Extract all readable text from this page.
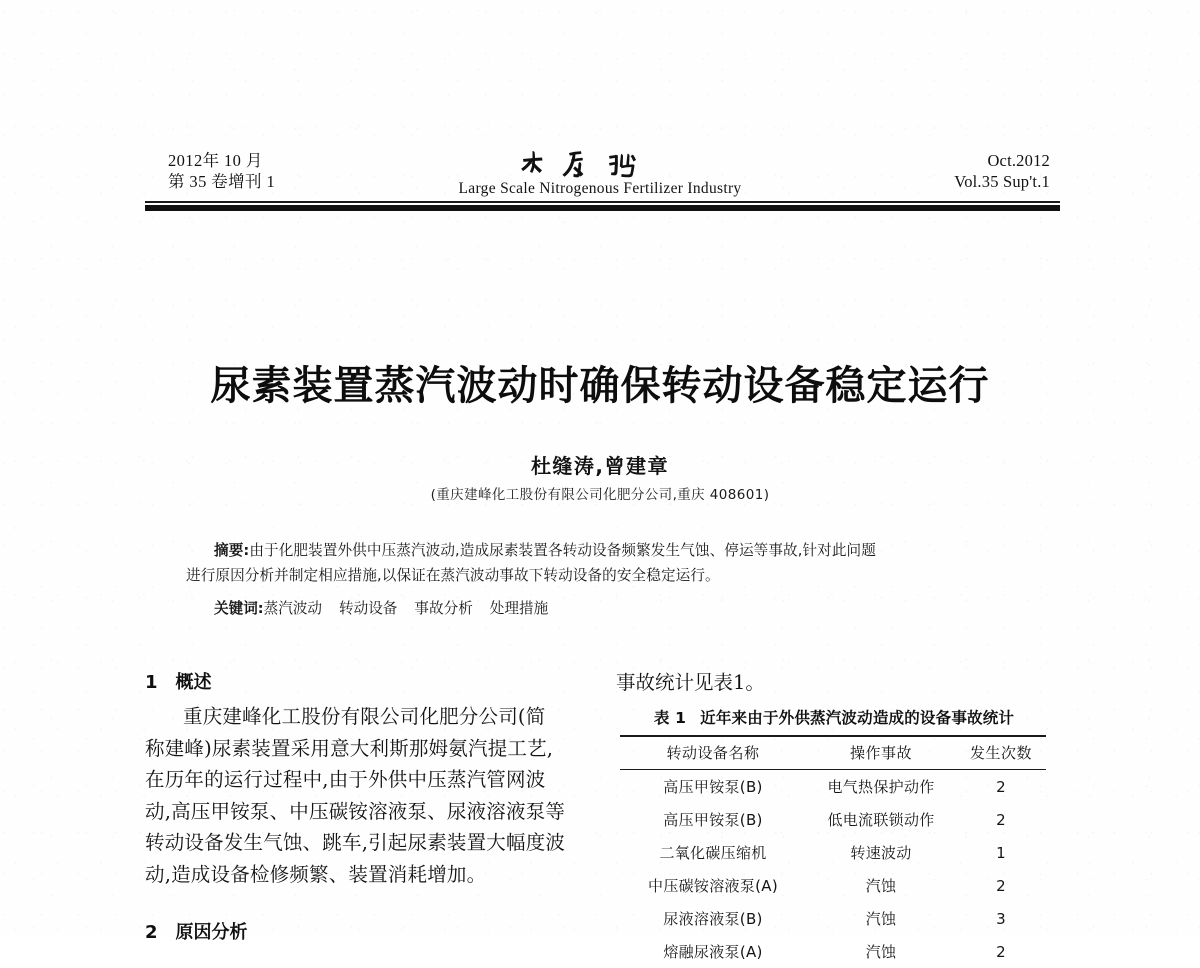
2012年 10 月
第 35 卷增刊 1	Large Scale Nitrogenous Fertilizer Industry
Oct.2012
Vol.35 Sup't.1
尿素装置蒸汽波动时确保转动设备稳定运行
杜缝涛,曾建章
(重庆建峰化工股份有限公司化肥分公司,重庆 408601)
摘要:由于化肥装置外供中压蒸汽波动,造成尿素装置各转动设备频繁发生气蚀、停运等事故,针对此问题
进行原因分析并制定相应措施,以保证在蒸汽波动事故下转动设备的安全稳定运行。
关键词:蒸汽波动 转动设备 事故分析 处理措施
1 概述
重庆建峰化工股份有限公司化肥分公司(简
称建峰)尿素装置采用意大利斯那姆氨汽提工艺,
在历年的运行过程中,由于外供中压蒸汽管网波
动,高压甲铵泵、中压碳铵溶液泵、尿液溶液泵等
转动设备发生气蚀、跳车,引起尿素装置大幅度波
动,造成设备检修频繁、装置消耗增加。
2 原因分析
事故统计见表1。
表 1 近年来由于外供蒸汽波动造成的设备事故统计
转动设备名称	操作事故	发生次数
高压甲铵泵(B)	电气热保护动作	2
高压甲铵泵(B)	低电流联锁动作	2
二氧化碳压缩机	转速波动	1
中压碳铵溶液泵(A)	汽蚀	2
尿液溶液泵(B)	汽蚀	3
熔融尿液泵(A)	汽蚀	2
